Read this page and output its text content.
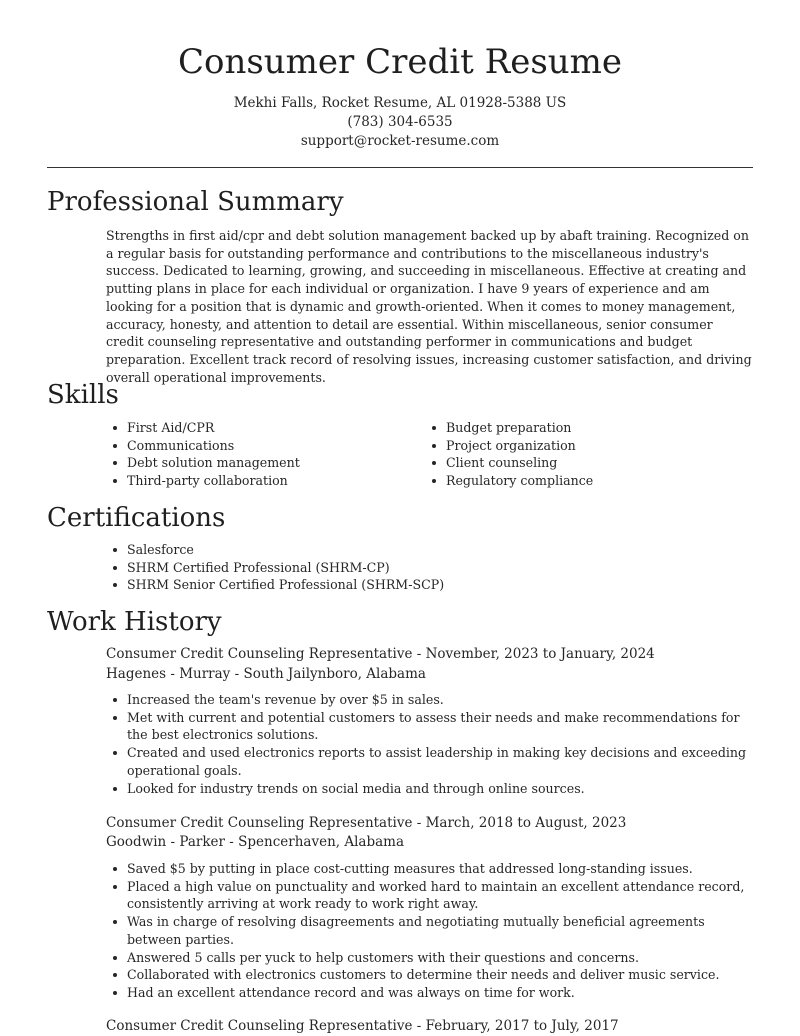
Consumer Credit Resume
Mekhi Falls, Rocket Resume, AL 01928-5388 US
(783) 304-6535
support@rocket-resume.com
Professional Summary

Strengths in first aid/cpr and debt solution management backed up by abaft training. Recognized on a regular basis for outstanding performance and contributions to the miscellaneous industry's success. Dedicated to learning, growing, and succeeding in miscellaneous. Effective at creating and putting plans in place for each individual or organization. I have 9 years of experience and am looking for a position that is dynamic and growth-oriented. When it comes to money management, accuracy, honesty, and attention to detail are essential. Within miscellaneous, senior consumer credit counseling representative and outstanding performer in communications and budget preparation. Excellent track record of resolving issues, increasing customer satisfaction, and driving overall operational improvements.

Skills
First Aid/CPR
Communications
Debt solution management
Third-party collaboration
Budget preparation
Project organization
Client counseling
Regulatory compliance
Certifications
Salesforce
SHRM Certified Professional (SHRM-CP)
SHRM Senior Certified Professional (SHRM-SCP)
Work History
Consumer Credit Counseling Representative - November, 2023 to January, 2024
Hagenes - Murray - South Jailynboro, Alabama
Increased the team's revenue by over $5 in sales.
Met with current and potential customers to assess their needs and make recommendations for the best electronics solutions.
Created and used electronics reports to assist leadership in making key decisions and exceeding operational goals.
Looked for industry trends on social media and through online sources.
Consumer Credit Counseling Representative - March, 2018 to August, 2023
Goodwin - Parker - Spencerhaven, Alabama
Saved $5 by putting in place cost-cutting measures that addressed long-standing issues.
Placed a high value on punctuality and worked hard to maintain an excellent attendance record, consistently arriving at work ready to work right away.
Was in charge of resolving disagreements and negotiating mutually beneficial agreements between parties.
Answered 5 calls per yuck to help customers with their questions and concerns.
Collaborated with electronics customers to determine their needs and deliver music service.
Had an excellent attendance record and was always on time for work.
Consumer Credit Counseling Representative - February, 2017 to July, 2017
